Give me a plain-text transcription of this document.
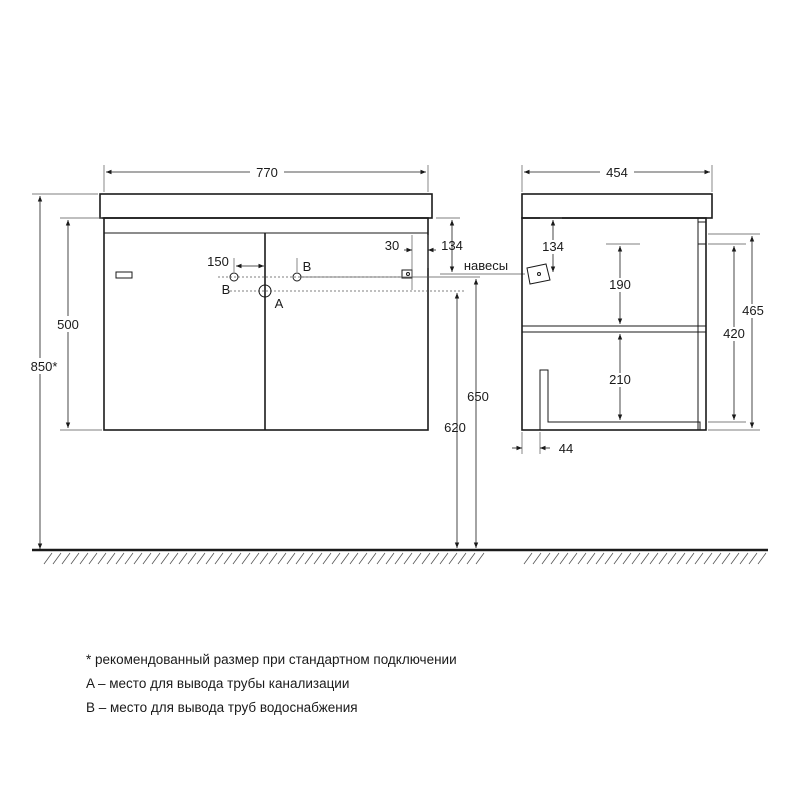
770
850*
500
150	B
B
A
30	134
620
650
навесы
454
134
190
210
420
465
44
* рекомендованный размер при стандартном подключении
A – место для вывода трубы канализации
B – место для вывода труб водоснабжения
